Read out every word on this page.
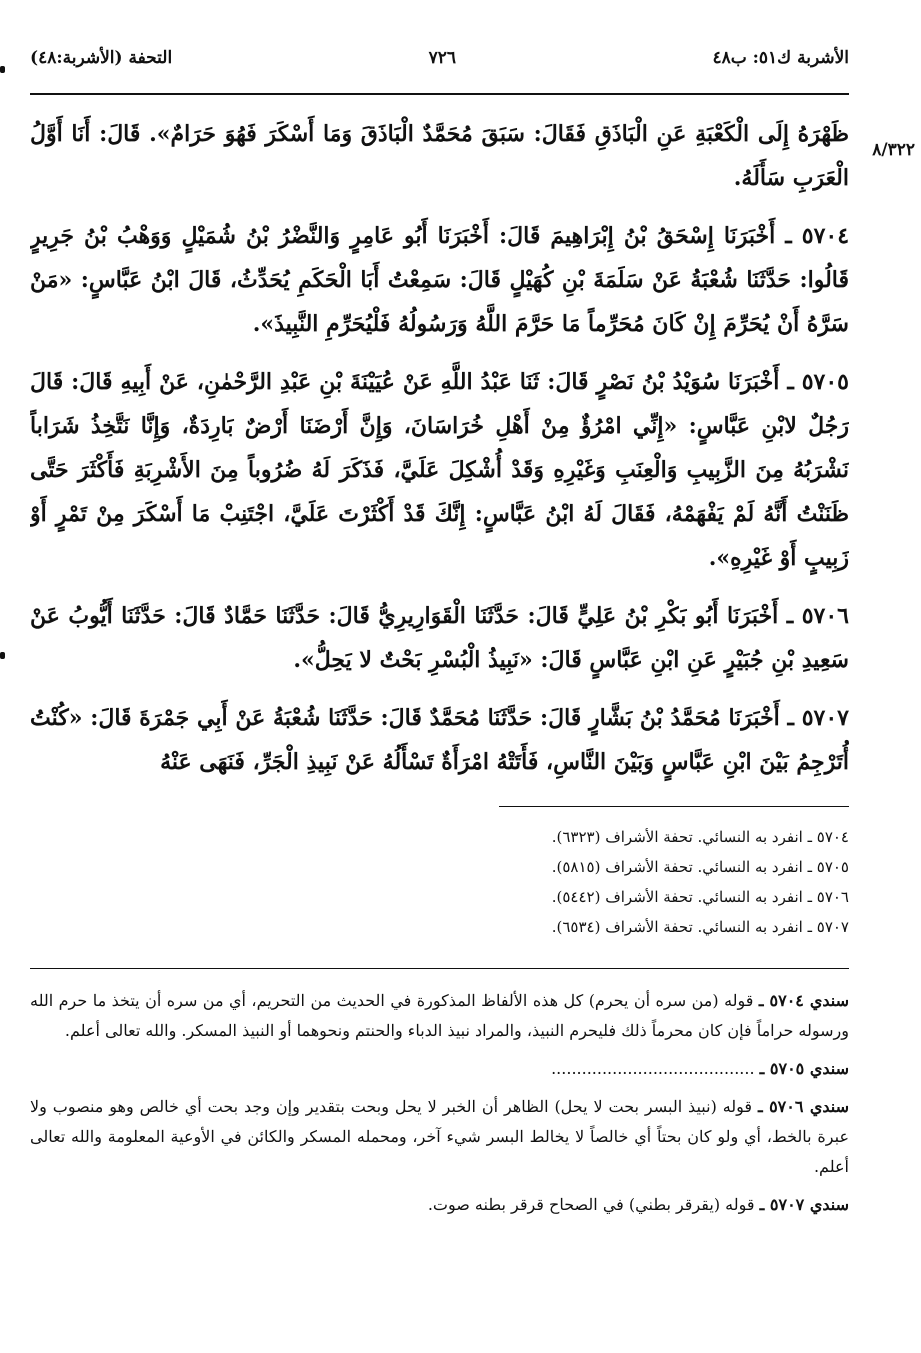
الأشربة ك٥١: ب٤٨
٧٢٦
التحفة (الأشربة:٤٨)
٨/٣٢٢

ظَهْرَهُ إِلَى الْكَعْبَةِ عَنِ الْبَاذَقِ فَقَالَ: سَبَقَ مُحَمَّدٌ الْبَاذَقَ وَمَا أَسْكَرَ فَهُوَ حَرَامٌ». قَالَ: أَنَا أَوَّلُ الْعَرَبِ سَأَلَهُ.

٥٧٠٤ ـ أَخْبَرَنَا إِسْحَقُ بْنُ إِبْرَاهِيمَ قَالَ: أَخْبَرَنَا أَبُو عَامِرٍ وَالنَّضْرُ بْنُ شُمَيْلٍ وَوَهْبُ بْنُ جَرِيرٍ قَالُوا: حَدَّثَنَا شُعْبَةُ عَنْ سَلَمَةَ بْنِ كُهَيْلٍ قَالَ: سَمِعْتُ أَبَا الْحَكَمِ يُحَدِّثُ، قَالَ ابْنُ عَبَّاسٍ: «مَنْ سَرَّهُ أَنْ يُحَرِّمَ إِنْ كَانَ مُحَرِّماً مَا حَرَّمَ اللَّهُ وَرَسُولُهُ فَلْيُحَرِّمِ النَّبِيذَ».

٥٧٠٥ ـ أَخْبَرَنَا سُوَيْدُ بْنُ نَصْرٍ قَالَ: ثَنَا عَبْدُ اللَّهِ عَنْ عُيَيْنَةَ بْنِ عَبْدِ الرَّحْمٰنِ، عَنْ أَبِيهِ قَالَ: قَالَ رَجُلٌ لابْنِ عَبَّاسٍ: «إِنِّي امْرُؤٌ مِنْ أَهْلِ خُرَاسَانَ، وَإِنَّ أَرْضَنَا أَرْضٌ بَارِدَةٌ، وَإِنَّا نَتَّخِذُ شَرَاباً نَشْرَبُهُ مِنَ الزَّبِيبِ وَالْعِنَبِ وَغَيْرِهِ وَقَدْ أُشْكِلَ عَلَيَّ، فَذَكَرَ لَهُ ضُرُوباً مِنَ الأَشْرِبَةِ فَأَكْثَرَ حَتَّى ظَنَنْتُ أَنَّهُ لَمْ يَفْهَمْهُ، فَقَالَ لَهُ ابْنُ عَبَّاسٍ: إِنَّكَ قَدْ أَكْثَرْتَ عَلَيَّ، اجْتَنِبْ مَا أَسْكَرَ مِنْ تَمْرٍ أَوْ زَبِيبٍ أَوْ غَيْرِهِ».

٥٧٠٦ ـ أَخْبَرَنَا أَبُو بَكْرِ بْنُ عَلِيٍّ قَالَ: حَدَّثَنَا الْقَوَارِيرِيُّ قَالَ: حَدَّثَنَا حَمَّادٌ قَالَ: حَدَّثَنَا أَيُّوبُ عَنْ سَعِيدِ بْنِ جُبَيْرٍ عَنِ ابْنِ عَبَّاسٍ قَالَ: «نَبِيذُ الْبُسْرِ بَحْتٌ لا يَحِلُّ».

٥٧٠٧ ـ أَخْبَرَنَا مُحَمَّدُ بْنُ بَشَّارٍ قَالَ: حَدَّثَنَا مُحَمَّدٌ قَالَ: حَدَّثَنَا شُعْبَةُ عَنْ أَبِي جَمْرَةَ قَالَ: «كُنْتُ أُتَرْجِمُ بَيْنَ ابْنِ عَبَّاسٍ وَبَيْنَ النَّاسِ، فَأَتَتْهُ امْرَأَةٌ تَسْأَلُهُ عَنْ نَبِيذِ الْجَرِّ، فَنَهَى عَنْهُ

٥٧٠٤ ـ انفرد به النسائي. تحفة الأشراف (٦٣٢٣).
٥٧٠٥ ـ انفرد به النسائي. تحفة الأشراف (٥٨١٥).
٥٧٠٦ ـ انفرد به النسائي. تحفة الأشراف (٥٤٤٢).
٥٧٠٧ ـ انفرد به النسائي. تحفة الأشراف (٦٥٣٤).

سندي ٥٧٠٤ ـ قوله (من سره أن يحرم) كل هذه الألفاظ المذكورة في الحديث من التحريم، أي من سره أن يتخذ ما حرم الله ورسوله حراماً فإن كان محرماً ذلك فليحرم النبيذ، والمراد نبيذ الدباء والحنتم ونحوهما أو النبيذ المسكر. والله تعالى أعلم.

سندي ٥٧٠٥ ـ ........................................

سندي ٥٧٠٦ ـ قوله (نبيذ البسر بحت لا يحل) الظاهر أن الخبر لا يحل وبحت بتقدير وإن وجد بحت أي خالص وهو منصوب ولا عبرة بالخط، أي ولو كان بحتاً أي خالصاً لا يخالط البسر شيء آخر، ومحمله المسكر والكائن في الأوعية المعلومة والله تعالى أعلم.

سندي ٥٧٠٧ ـ قوله (يقرقر بطني) في الصحاح قرقر بطنه صوت.
